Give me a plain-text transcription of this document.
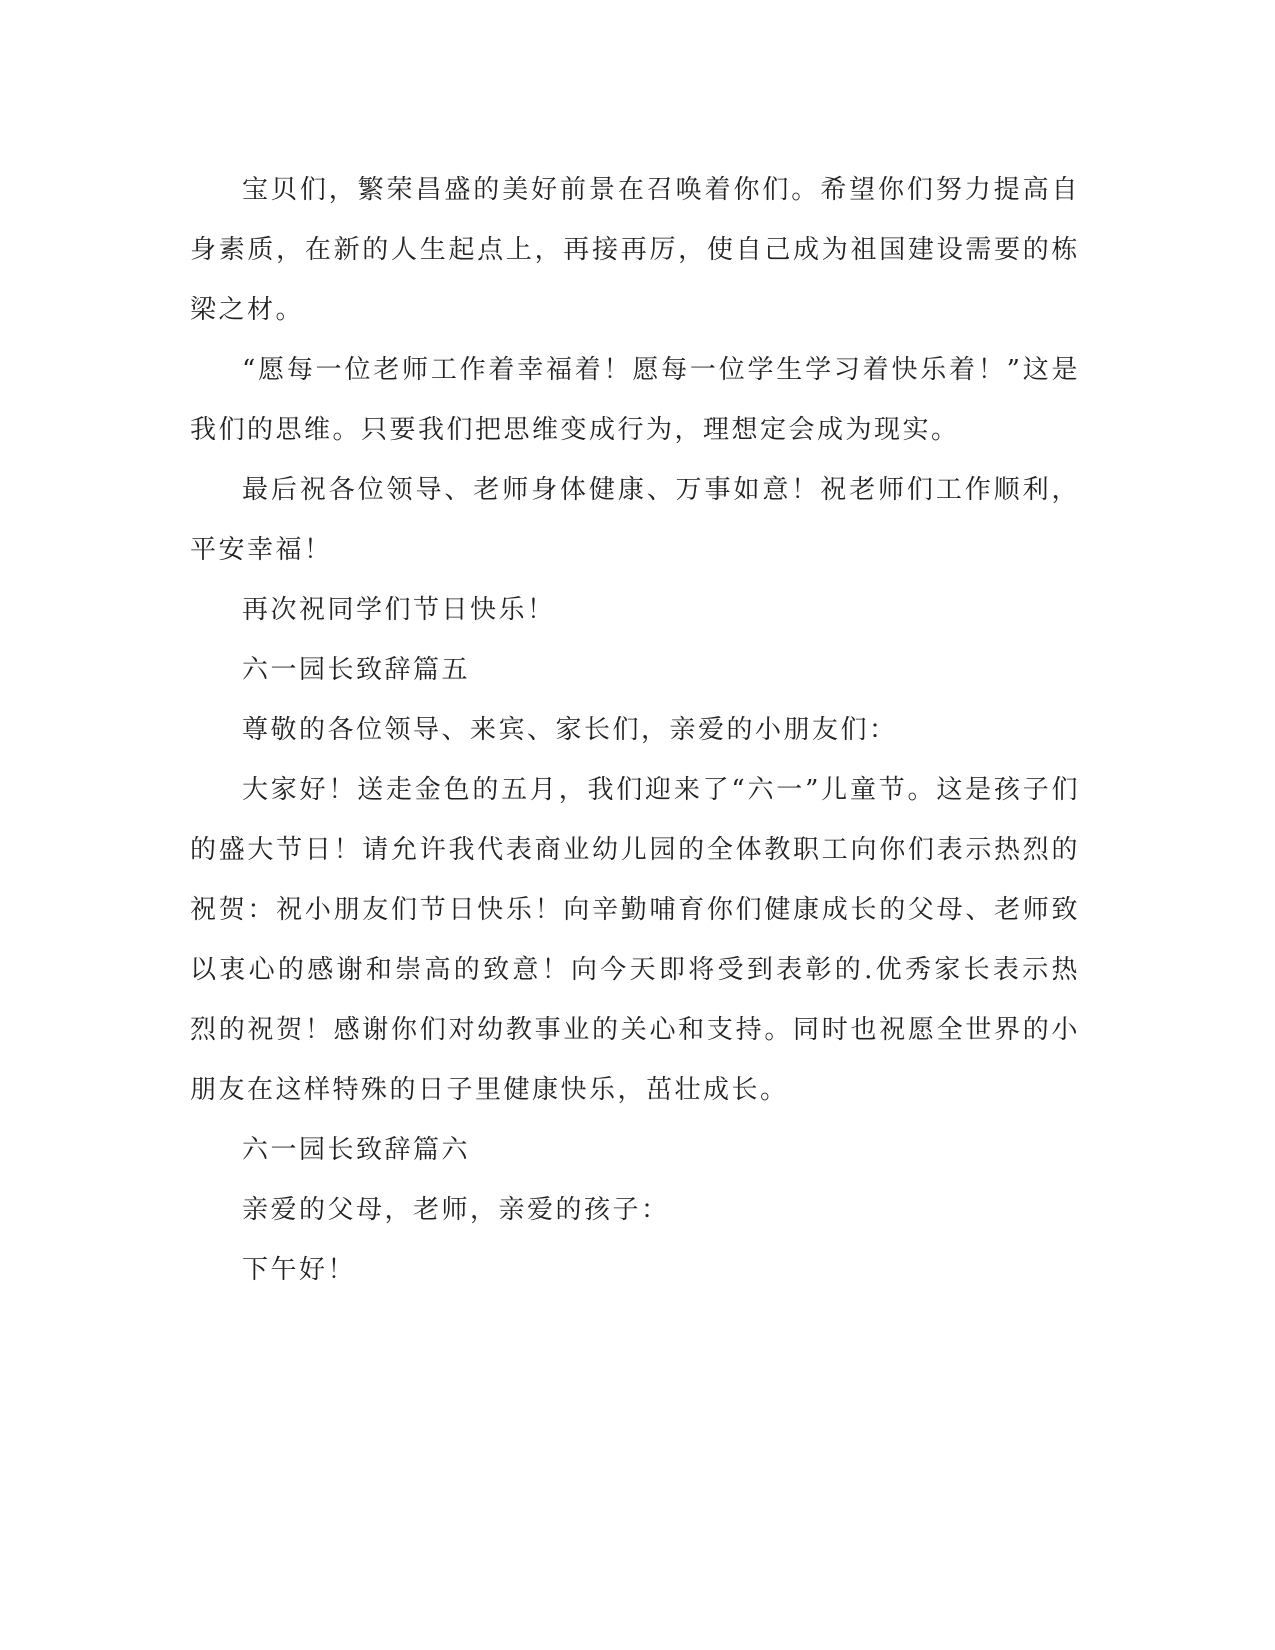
宝贝们，繁荣昌盛的美好前景在召唤着你们。希望你们努力提高自身素质，在新的人生起点上，再接再厉，使自己成为祖国建设需要的栋梁之材。

“愿每一位老师工作着幸福着！愿每一位学生学习着快乐着！”这是我们的思维。只要我们把思维变成行为，理想定会成为现实。

最后祝各位领导、老师身体健康、万事如意！祝老师们工作顺利，平安幸福！

再次祝同学们节日快乐！

六一园长致辞篇五

尊敬的各位领导、来宾、家长们，亲爱的小朋友们：

大家好！送走金色的五月，我们迎来了“六一”儿童节。这是孩子们的盛大节日！请允许我代表商业幼儿园的全体教职工向你们表示热烈的祝贺：祝小朋友们节日快乐！向辛勤哺育你们健康成长的父母、老师致以衷心的感谢和崇高的致意！向今天即将受到表彰的.优秀家长表示热烈的祝贺！感谢你们对幼教事业的关心和支持。同时也祝愿全世界的小朋友在这样特殊的日子里健康快乐，茁壮成长。

六一园长致辞篇六

亲爱的父母，老师，亲爱的孩子：

下午好！
